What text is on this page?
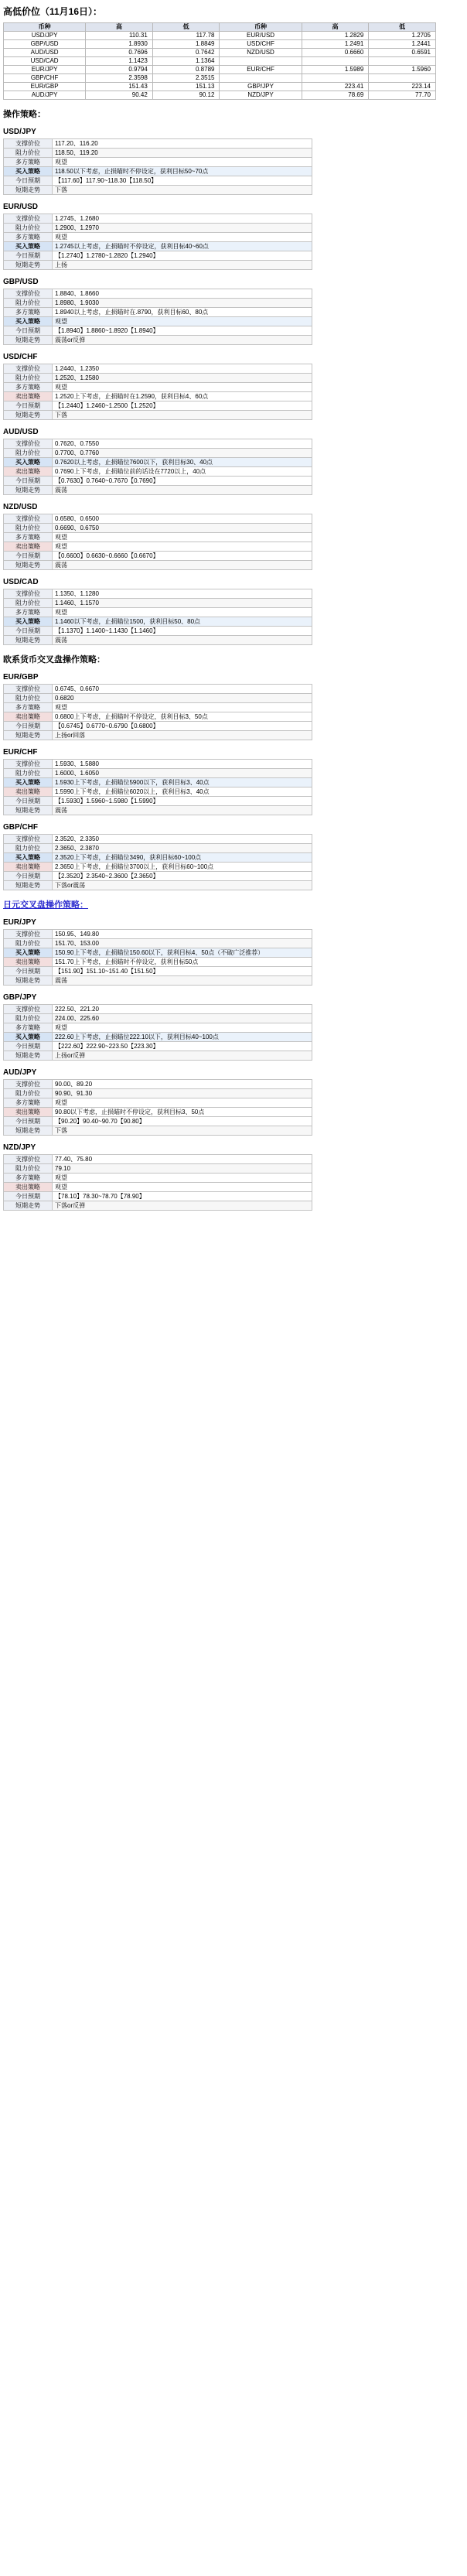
高低价位（11月16日）：
币种	高	低	币种	高	低
USD/JPY	110.31	117.78	EUR/USD	1.2829	1.2705
GBP/USD	1.8930	1.8849	USD/CHF	1.2491	1.2441
AUD/USD	0.7696	0.7642	NZD/USD	0.6660	0.6591
USD/CAD	1.1423	1.1364			
EUR/JPY	0.9794	0.8789	EUR/CHF	1.5989	1.5960
GBP/CHF	2.3598	2.3515			
EUR/GBP	151.43	151.13	GBP/JPY	223.41	223.14
AUD/JPY	90.42	90.12	NZD/JPY	78.69	77.70
操作策略：
USD/JPY
支撑价位	117.20、116.20
阻力价位	118.50、119.20
多方策略	观望
买入策略	118.50以下考虑，止损瞄时不停设定，获利目标50~70点
今日预期	【117.60】117.90~118.30【118.50】
短期走势	下落
EUR/USD
支撑价位	1.2745、1.2680
阻力价位	1.2900、1.2970
多方策略	观望
买入策略	1.2745以上考虑，止损瞄时不停设定，获利目标40~60点
今日预期	【1.2740】1.2780~1.2820【1.2940】
短期走势	上扬
GBP/USD
支撑价位	1.8840、1.8660
阻力价位	1.8980、1.9030
多方策略	1.8940以上考虑，止损瞄时在.8790，获利目标60、80点
买入策略	观望
今日预期	【1.8940】1.8860~1.8920【1.8940】
短期走势	震荡or反弹
USD/CHF
支撑价位	1.2440、1.2350
阻力价位	1.2520、1.2580
多方策略	观望
卖出策略	1.2520上下考虑，止损瞄时在1.2590，获利目标4、60点
今日预期	【1.2440】1.2460~1.2500【1.2520】
短期走势	下落
AUD/USD
支撑价位	0.7620、0.7550
阻力价位	0.7700、0.7760
买入策略	0.7620以上考虑，止损瞄位7600以下，获利目标30、40点
卖出策略	0.7690上下考虑，止损瞄位前的话设在7720以上，40点
今日预期	【0.7630】0.7640~0.7670【0.7690】
短期走势	震荡
NZD/USD
支撑价位	0.6580、0.6500
阻力价位	0.6690、0.6750
多方策略	观望
卖出策略	观望
今日预期	【0.6600】0.6630~0.6660【0.6670】
短期走势	震荡
USD/CAD
支撑价位	1.1350、1.1280
阻力价位	1.1460、1.1570
多方策略	观望
买入策略	1.1460以下考虑，止损瞄位1500，获利目标50、80点
今日预期	【1.1370】1.1400~1.1430【1.1460】
短期走势	震荡
欧系货币交叉盘操作策略：
EUR/GBP
支撑价位	0.6745、0.6670
阻力价位	0.6820
多方策略	观望
卖出策略	0.6800上下考虑，止损瞄时不停设定，获利目标3、50点
今日预期	【0.6745】0.6770~0.6790【0.6800】
短期走势	上扬or回落
EUR/CHF
支撑价位	1.5930、1.5880
阻力价位	1.6000、1.6050
买入策略	1.5930上下考虑，止损瞄位5900以下，获利目标3、40点
卖出策略	1.5990上下考虑，止损瞄位6020以上，获利目标3、40点
今日预期	【1.5930】1.5960~1.5980【1.5990】
短期走势	震荡
GBP/CHF
支撑价位	2.3520、2.3350
阻力价位	2.3650、2.3870
买入策略	2.3520上下考虑，止损瞄位3490，获利目标60~100点
卖出策略	2.3650上下考虑，止损瞄位3700以上，获利目标60~100点
今日预期	【2.3520】2.3540~2.3600【2.3650】
短期走势	下落or震荡
日元交叉盘操作策略：
EUR/JPY
支撑价位	150.95、149.80
阻力价位	151.70、153.00
买入策略	150.90上下考虑，止损瞄位150.60以下，获利目标4、50点（不破广泛推荐）
卖出策略	151.70上下考虑，止损瞄时不停设定，获利目标50点
今日预期	【151.90】151.10~151.40【151.50】
短期走势	震荡
GBP/JPY
支撑价位	222.50、221.20
阻力价位	224.00、225.60
多方策略	观望
买入策略	222.60上下考虑，止损瞄位222.10以下，获利目标40~100点
今日预期	【222.60】222.90~223.50【223.30】
短期走势	上扬or反弹
AUD/JPY
支撑价位	90.00、89.20
阻力价位	90.90、91.30
多方策略	观望
卖出策略	90.80以下考虑，止损瞄时不停设定，获利目标3、50点
今日预期	【90.20】90.40~90.70【90.80】
短期走势	下落
NZD/JPY
支撑价位	77.40、75.80
阻力价位	79.10
多方策略	观望
卖出策略	观望
今日预期	【78.10】78.30~78.70【78.90】
短期走势	下落or反弹
